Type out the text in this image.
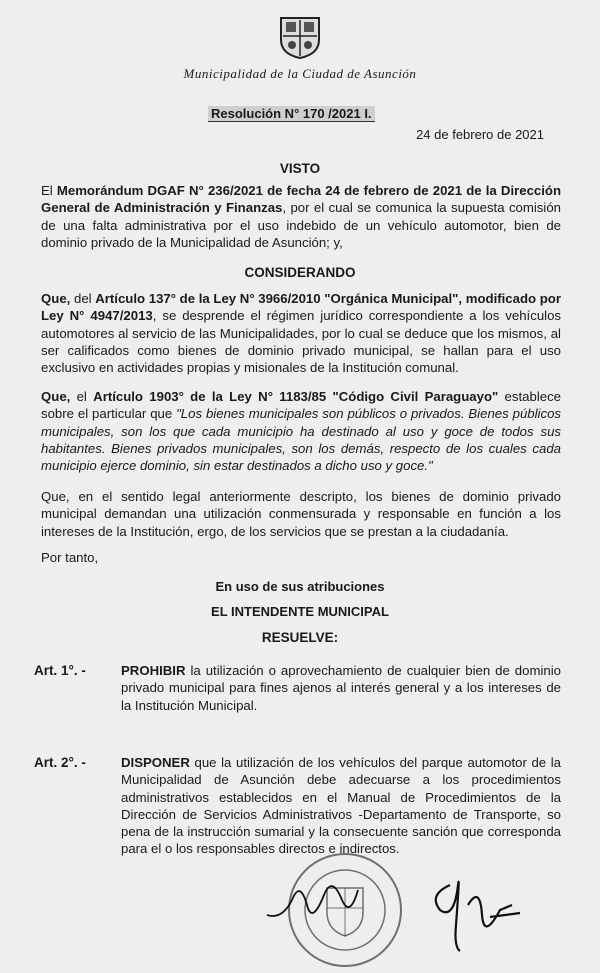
Municipalidad de la Ciudad de Asunción
Resolución N° 170 /2021 I.
24 de febrero de 2021
VISTO
El Memorándum DGAF N° 236/2021 de fecha 24 de febrero de 2021 de la Dirección General de Administración y Finanzas, por el cual se comunica la supuesta comisión de una falta administrativa por el uso indebido de un vehículo automotor, bien de dominio privado de la Municipalidad de Asunción; y,
CONSIDERANDO
Que, del Artículo 137° de la Ley N° 3966/2010 "Orgánica Municipal", modificado por Ley N° 4947/2013, se desprende el régimen jurídico correspondiente a los vehículos automotores al servicio de las Municipalidades, por lo cual se deduce que los mismos, al ser calificados como bienes de dominio privado municipal, se hallan para el uso exclusivo en actividades propias y misionales de la Institución comunal.
Que, el Artículo 1903° de la Ley N° 1183/85 "Código Civil Paraguayo" establece sobre el particular que "Los bienes municipales son públicos o privados. Bienes públicos municipales, son los que cada municipio ha destinado al uso y goce de todos sus habitantes. Bienes privados municipales, son los demás, respecto de los cuales cada municipio ejerce dominio, sin estar destinados a dicho uso y goce."
Que, en el sentido legal anteriormente descripto, los bienes de dominio privado municipal demandan una utilización conmensurada y responsable en función a los intereses de la Institución, ergo, de los servicios que se prestan a la ciudadanía.
Por tanto,
En uso de sus atribuciones
EL INTENDENTE MUNICIPAL
RESUELVE:
Art. 1°. -	PROHIBIR la utilización o aprovechamiento de cualquier bien de dominio privado municipal para fines ajenos al interés general y a los intereses de la Institución Municipal.
Art. 2°. -	DISPONER que la utilización de los vehículos del parque automotor de la Municipalidad de Asunción debe adecuarse a los procedimientos administrativos establecidos en el Manual de Procedimientos de la Dirección de Servicios Administrativos -Departamento de Transporte, so pena de la instrucción sumarial y la consecuente sanción que corresponda para el o los responsables directos e indirectos.
